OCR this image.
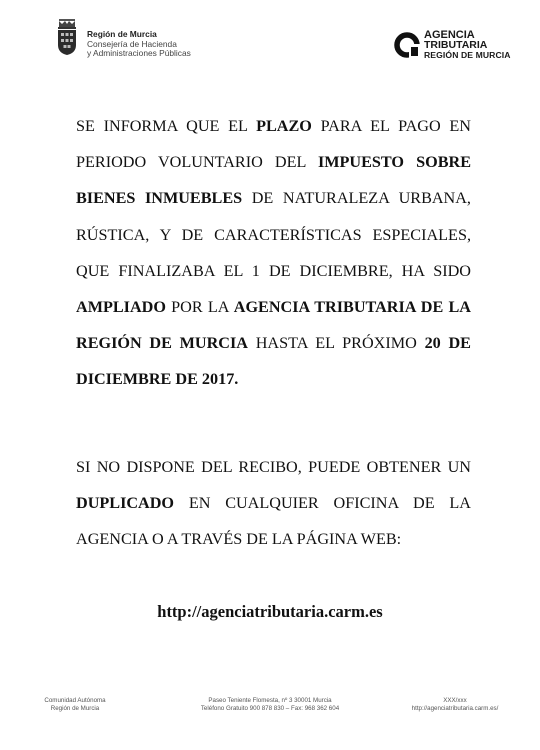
Región de Murcia
Consejería de Hacienda
y Administraciones Públicas
AGENCIA
TRIBUTARIA
REGIÓN DE MURCIA
SE INFORMA QUE EL PLAZO PARA EL PAGO EN PERIODO VOLUNTARIO DEL IMPUESTO SOBRE BIENES INMUEBLES DE NATURALEZA URBANA, RÚSTICA, Y DE CARACTERÍSTICAS ESPECIALES, QUE FINALIZABA EL 1 DE DICIEMBRE, HA SIDO AMPLIADO POR LA AGENCIA TRIBUTARIA DE LA REGIÓN DE MURCIA HASTA EL PRÓXIMO 20 DE DICIEMBRE DE 2017.
SI NO DISPONE DEL RECIBO, PUEDE OBTENER UN DUPLICADO EN CUALQUIER OFICINA DE LA AGENCIA O A TRAVÉS DE LA PÁGINA WEB:
http://agenciatributaria.carm.es
Comunidad Autónoma
Región de Murcia
Paseo Teniente Flomesta, nº 3 30001 Murcia
Teléfono Gratuito 900 878 830 – Fax: 968 362 604
XXX/xxx
http://agenciatributaria.carm.es/
